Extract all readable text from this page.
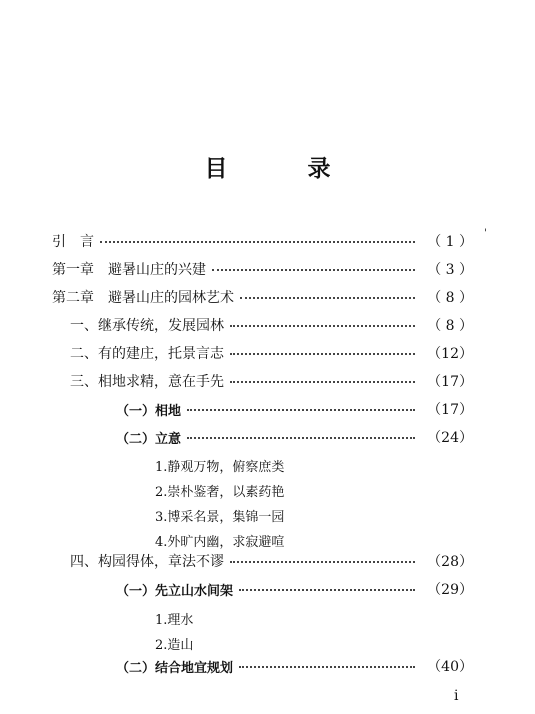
目 录
'
引　言	（ 1 ）
第一章　避暑山庄的兴建	（ 3 ）
第二章　避暑山庄的园林艺术	（ 8 ）
一、继承传统，发展园林	（ 8 ）
二、有的建庄，托景言志	（12）
三、相地求精，意在手先	（17）
（一）相地	（17）
（二）立意	（24）
1.静观万物，俯察庶类
2.崇朴鉴奢，以素药艳
3.博采名景，集锦一园
4.外旷内幽，求寂避喧
四、构园得体，章法不谬	（28）
（一）先立山水间架	（29）
1.理水
2.造山
（二）结合地宜规划	（40）
i
